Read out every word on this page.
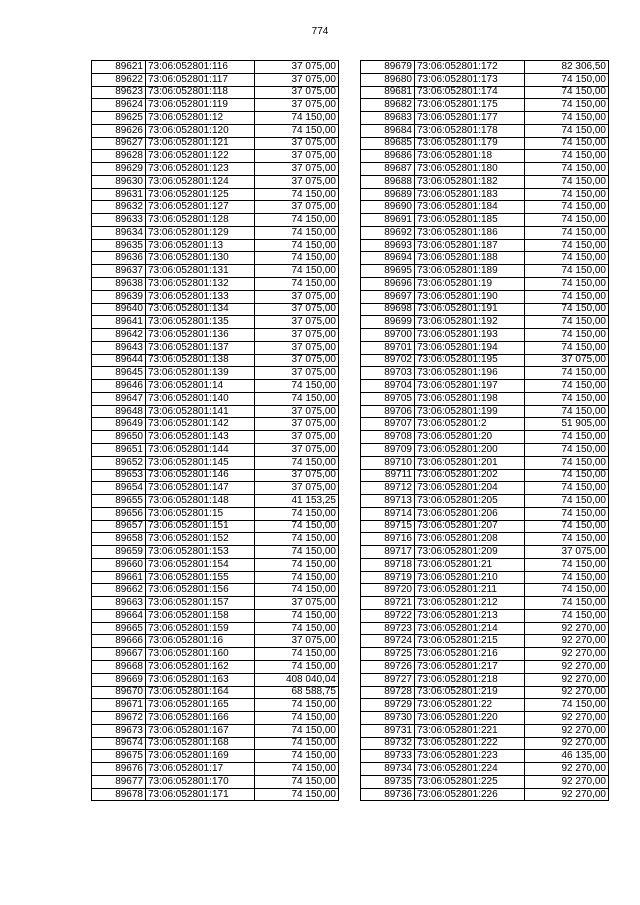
774
89621	73:06:052801:116	37 075,00
89622	73:06:052801:117	37 075,00
89623	73:06:052801:118	37 075,00
89624	73:06:052801:119	37 075,00
89625	73:06:052801:12	74 150,00
89626	73:06:052801:120	74 150,00
89627	73:06:052801:121	37 075,00
89628	73:06:052801:122	37 075,00
89629	73:06:052801:123	37 075,00
89630	73:06:052801:124	37 075,00
89631	73:06:052801:125	74 150,00
89632	73:06:052801:127	37 075,00
89633	73:06:052801:128	74 150,00
89634	73:06:052801:129	74 150,00
89635	73:06:052801:13	74 150,00
89636	73:06:052801:130	74 150,00
89637	73:06:052801:131	74 150,00
89638	73:06:052801:132	74 150,00
89639	73:06:052801:133	37 075,00
89640	73:06:052801:134	37 075,00
89641	73:06:052801:135	37 075,00
89642	73:06:052801:136	37 075,00
89643	73:06:052801:137	37 075,00
89644	73:06:052801:138	37 075,00
89645	73:06:052801:139	37 075,00
89646	73:06:052801:14	74 150,00
89647	73:06:052801:140	74 150,00
89648	73:06:052801:141	37 075,00
89649	73:06:052801:142	37 075,00
89650	73:06:052801:143	37 075,00
89651	73:06:052801:144	37 075,00
89652	73:06:052801:145	74 150,00
89653	73:06:052801:146	37 075,00
89654	73:06:052801:147	37 075,00
89655	73:06:052801:148	41 153,25
89656	73:06:052801:15	74 150,00
89657	73:06:052801:151	74 150,00
89658	73:06:052801:152	74 150,00
89659	73:06:052801:153	74 150,00
89660	73:06:052801:154	74 150,00
89661	73:06:052801:155	74 150,00
89662	73:06:052801:156	74 150,00
89663	73:06:052801:157	37 075,00
89664	73:06:052801:158	74 150,00
89665	73:06:052801:159	74 150,00
89666	73:06:052801:16	37 075,00
89667	73:06:052801:160	74 150,00
89668	73:06:052801:162	74 150,00
89669	73:06:052801:163	408 040,04
89670	73:06:052801:164	68 588,75
89671	73:06:052801:165	74 150,00
89672	73:06:052801:166	74 150,00
89673	73:06:052801:167	74 150,00
89674	73:06:052801:168	74 150,00
89675	73:06:052801:169	74 150,00
89676	73:06:052801:17	74 150,00
89677	73:06:052801:170	74 150,00
89678	73:06:052801:171	74 150,00
89679	73:06:052801:172	82 306,50
89680	73:06:052801:173	74 150,00
89681	73:06:052801:174	74 150,00
89682	73:06:052801:175	74 150,00
89683	73:06:052801:177	74 150,00
89684	73:06:052801:178	74 150,00
89685	73:06:052801:179	74 150,00
89686	73:06:052801:18	74 150,00
89687	73:06:052801:180	74 150,00
89688	73:06:052801:182	74 150,00
89689	73:06:052801:183	74 150,00
89690	73:06:052801:184	74 150,00
89691	73:06:052801:185	74 150,00
89692	73:06:052801:186	74 150,00
89693	73:06:052801:187	74 150,00
89694	73:06:052801:188	74 150,00
89695	73:06:052801:189	74 150,00
89696	73:06:052801:19	74 150,00
89697	73:06:052801:190	74 150,00
89698	73:06:052801:191	74 150,00
89699	73:06:052801:192	74 150,00
89700	73:06:052801:193	74 150,00
89701	73:06:052801:194	74 150,00
89702	73:06:052801:195	37 075,00
89703	73:06:052801:196	74 150,00
89704	73:06:052801:197	74 150,00
89705	73:06:052801:198	74 150,00
89706	73:06:052801:199	74 150,00
89707	73:06:052801:2	51 905,00
89708	73:06:052801:20	74 150,00
89709	73:06:052801:200	74 150,00
89710	73:06:052801:201	74 150,00
89711	73:06:052801:202	74 150,00
89712	73:06:052801:204	74 150,00
89713	73:06:052801:205	74 150,00
89714	73:06:052801:206	74 150,00
89715	73:06:052801:207	74 150,00
89716	73:06:052801:208	74 150,00
89717	73:06:052801:209	37 075,00
89718	73:06:052801:21	74 150,00
89719	73:06:052801:210	74 150,00
89720	73:06:052801:211	74 150,00
89721	73:06:052801:212	74 150,00
89722	73:06:052801:213	74 150,00
89723	73:06:052801:214	92 270,00
89724	73:06:052801:215	92 270,00
89725	73:06:052801:216	92 270,00
89726	73:06:052801:217	92 270,00
89727	73:06:052801:218	92 270,00
89728	73:06:052801:219	92 270,00
89729	73:06:052801:22	74 150,00
89730	73:06:052801:220	92 270,00
89731	73:06:052801:221	92 270,00
89732	73:06:052801:222	92 270,00
89733	73:06:052801:223	46 135,00
89734	73:06:052801:224	92 270,00
89735	73:06:052801:225	92 270,00
89736	73:06:052801:226	92 270,00
